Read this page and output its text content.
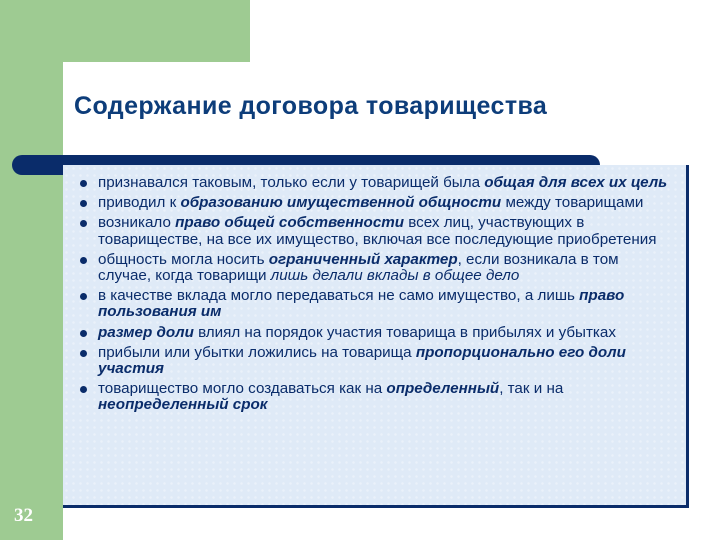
Содержание договора товарищества
признавался таковым, только если у товарищей была общая для всех их цель
приводил к образованию имущественной общности между товарищами
возникало право общей собственности всех лиц, участвующих в товариществе, на все их имущество, включая все последующие приобретения
общность могла носить ограниченный характер, если возникала в том случае, когда товарищи лишь делали вклады в общее дело
в качестве вклада могло передаваться не само имущество, а лишь право пользования им
размер доли влиял на порядок участия товарища в прибылях и убытках
прибыли или убытки ложились на товарища пропорционально его доли участия
товарищество могло создаваться как на определенный, так и на неопределенный срок
32
